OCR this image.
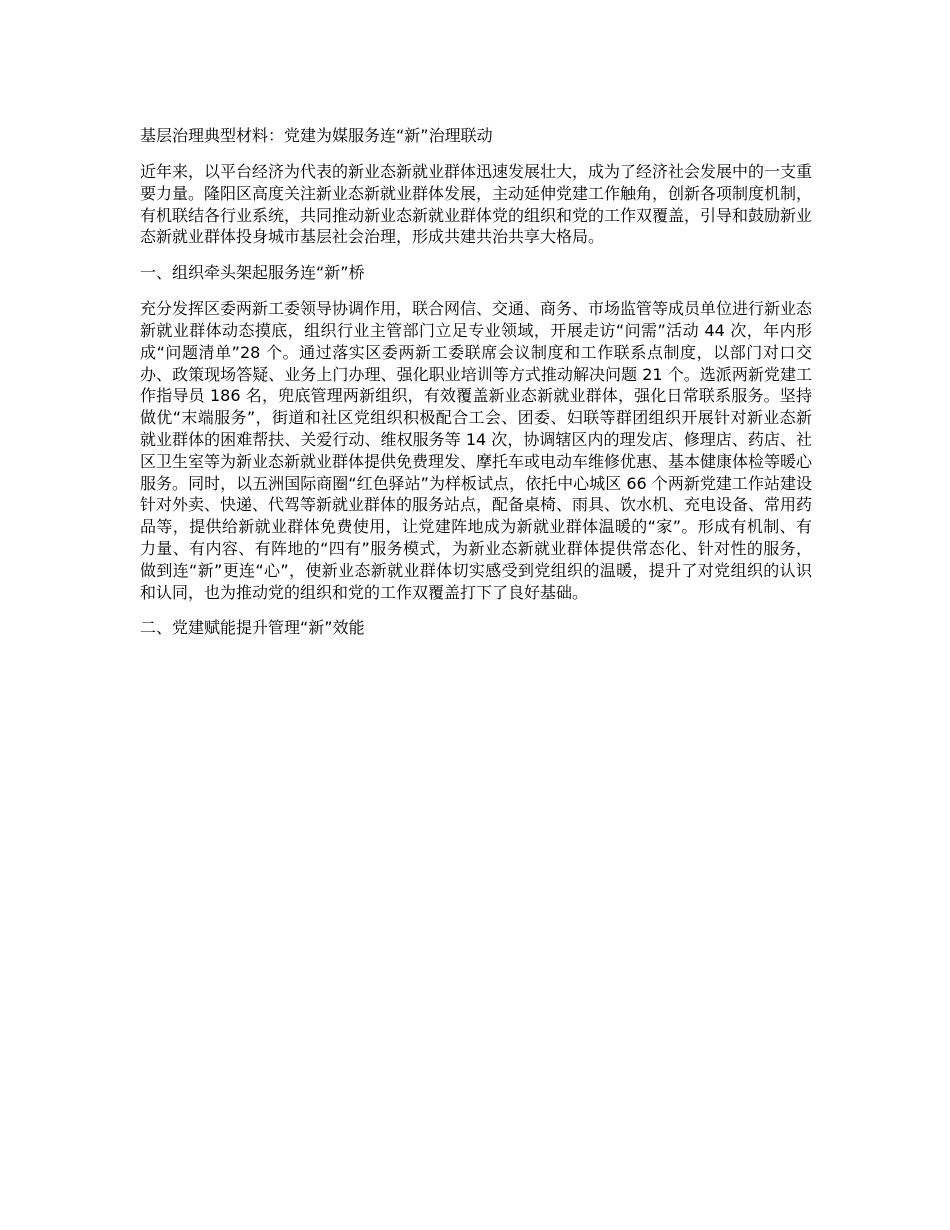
基层治理典型材料：党建为媒服务连“新”治理联动

近年来，以平台经济为代表的新业态新就业群体迅速发展壮大，成为了经济社会发展中的一支重要力量。隆阳区高度关注新业态新就业群体发展，主动延伸党建工作触角，创新各项制度机制，有机联结各行业系统，共同推动新业态新就业群体党的组织和党的工作双覆盖，引导和鼓励新业态新就业群体投身城市基层社会治理，形成共建共治共享大格局。

一、组织牵头架起服务连“新”桥

充分发挥区委两新工委领导协调作用，联合网信、交通、商务、市场监管等成员单位进行新业态新就业群体动态摸底，组织行业主管部门立足专业领域，开展走访“问需”活动 44 次，年内形成“问题清单”28 个。通过落实区委两新工委联席会议制度和工作联系点制度，以部门对口交办、政策现场答疑、业务上门办理、强化职业培训等方式推动解决问题 21 个。选派两新党建工作指导员 186 名，兜底管理两新组织，有效覆盖新业态新就业群体，强化日常联系服务。坚持做优“末端服务”，街道和社区党组织积极配合工会、团委、妇联等群团组织开展针对新业态新就业群体的困难帮扶、关爱行动、维权服务等 14 次，协调辖区内的理发店、修理店、药店、社区卫生室等为新业态新就业群体提供免费理发、摩托车或电动车维修优惠、基本健康体检等暖心服务。同时，以五洲国际商圈“红色驿站”为样板试点，依托中心城区 66 个两新党建工作站建设针对外卖、快递、代驾等新就业群体的服务站点，配备桌椅、雨具、饮水机、充电设备、常用药品等，提供给新就业群体免费使用，让党建阵地成为新就业群体温暖的“家”。形成有机制、有力量、有内容、有阵地的“四有”服务模式，为新业态新就业群体提供常态化、针对性的服务，做到连“新”更连“心”，使新业态新就业群体切实感受到党组织的温暖，提升了对党组织的认识和认同，也为推动党的组织和党的工作双覆盖打下了良好基础。

二、党建赋能提升管理“新”效能
